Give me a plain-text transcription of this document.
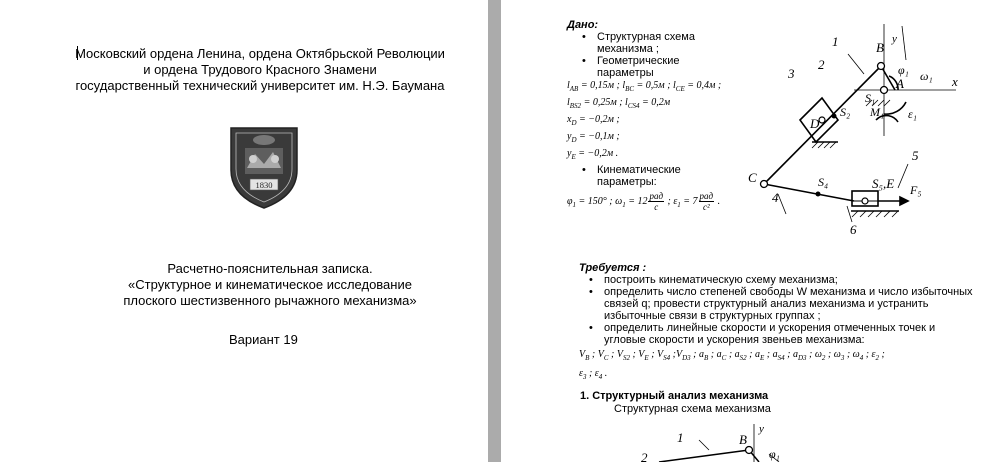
Московский ордена Ленина, ордена Октябрьской Революции
и ордена Трудового Красного Знамени
государственный технический университет им. Н.Э. Баумана
1830
Расчетно-пояснительная записка.
«Структурное и кинематическое исследование
плоского шестизвенного рычажного механизма»
Вариант 19
Дано:
• Структурная схема механизма ;
• Геометрические параметры
$l_{AB} = 0,15м$ ; $l_{BC} = 0,5м$ ; $l_{CE} = 0,4м$ ;
$l_{BS2} = 0,25м$ ; $l_{CS4} = 0,2м$
$x_D = -0,2м$ ;
$y_D = -0,1м$ ;
$y_E = -0,2м$ .
• Кинематические параметры:
$\varphi_1 = 150^\circ$ ; $\omega_1 = 12 \frac{\text{рад}}{с}$ ; $\varepsilon_1 = 7 \frac{\text{рад}}{\text{с²}}$ .
1
2
3
4
5
6
B
y
A	x
C
D
S₅,E
S₁
S₂
S₄
φ₁ ω₁
ε₁
M₁
F₅
Требуется :
• построить кинематическую схему механизма;
• определить число степеней свободы W механизма и число избыточных связей q; провести структурный анализ механизма и устранить избыточные связи в структурных группах ;
• определить линейные скорости и ускорения отмеченных точек и угловые скорости и ускорения звеньев механизма:
$V_B$ ; $V_C$ ; $V_{S2}$ ; $V_E$ ; $V_{S4}$ $;V_{D3}$ ; $a_B$ ; $a_C$ ; $a_{S2}$ ; $a_E$ ; $a_{S4}$ ; $a_{D3}$ ; $\omega_2$ ; $\omega_3$ ; $\omega_4$ ; $\varepsilon_2$ ;
$\varepsilon_3$ ; $\varepsilon_4$ .
1. Структурный анализ механизма
Структурная схема механизма
1	B
y
φ₁
2
